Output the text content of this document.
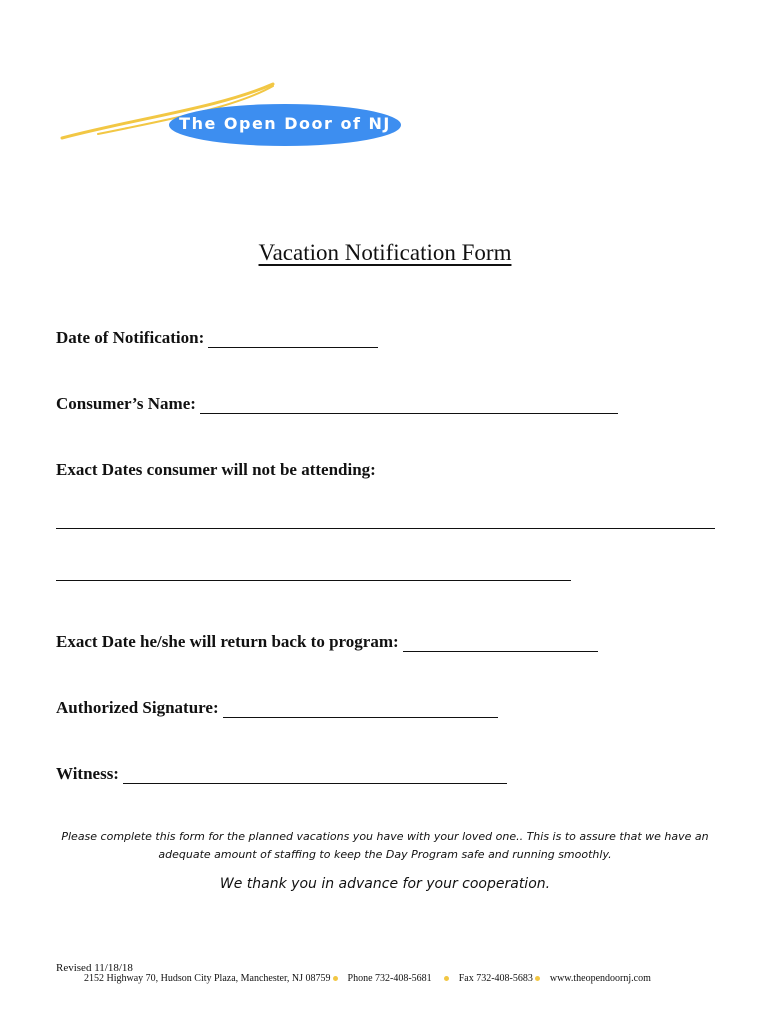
The Open Door of NJ
Vacation Notification Form
Date of Notification:
Consumer’s Name:
Exact Dates consumer will not be attending:
Exact Date he/she will return back to program:
Authorized Signature:
Witness:
Please complete this form for the planned vacations you have with your loved one.. This is to assure that we have an adequate amount of staffing to keep the Day Program safe and running smoothly.
We thank you in advance for your cooperation.
Revised 11/18/18
2152 Highway 70, Hudson City Plaza, Manchester, NJ 08759 Phone 732-408-5681	Fax 732-408-5683 www.theopendoornj.com
